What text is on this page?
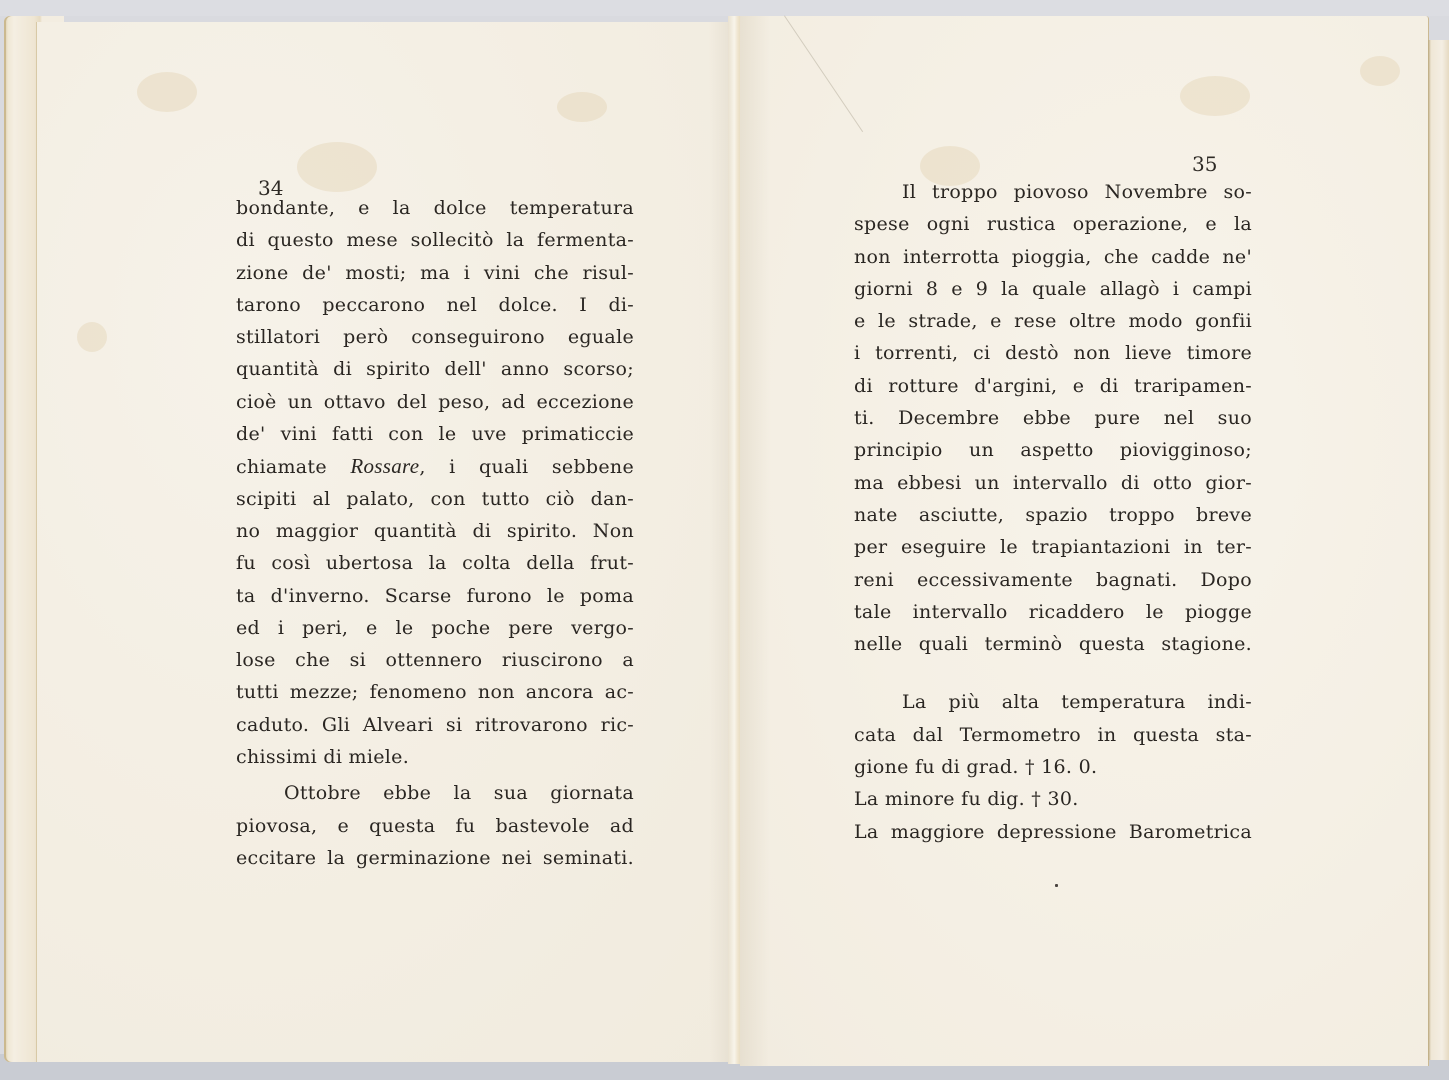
34
bondante, e la dolce temperatura
di questo mese sollecitò la fermenta-
zione de' mosti; ma i vini che risul-
tarono peccarono nel dolce. I di-
stillatori però conseguirono eguale
quantità di spirito dell' anno scorso;
cioè un ottavo del peso, ad eccezione
de' vini fatti con le uve primaticcie
chiamate Rossare, i quali sebbene
scipiti al palato, con tutto ciò dan-
no maggior quantità di spirito. Non
fu così ubertosa la colta della frut-
ta d'inverno. Scarse furono le poma
ed i peri, e le poche pere vergo-
lose che si ottennero riuscirono a
tutti mezze; fenomeno non ancora ac-
caduto. Gli Alveari si ritrovarono ric-
chissimi di miele.
Ottobre ebbe la sua giornata
piovosa, e questa fu bastevole ad
eccitare la germinazione nei seminati.
35
Il troppo piovoso Novembre so-
spese ogni rustica operazione, e la
non interrotta pioggia, che cadde ne'
giorni 8 e 9 la quale allagò i campi
e le strade, e rese oltre modo gonfii
i torrenti, ci destò non lieve timore
di rotture d'argini, e di traripamen-
ti. Decembre ebbe pure nel suo
principio un aspetto piovigginoso;
ma ebbesi un intervallo di otto gior-
nate asciutte, spazio troppo breve
per eseguire le trapiantazioni in ter-
reni eccessivamente bagnati. Dopo
tale intervallo ricaddero le piogge
nelle quali terminò questa stagione.
La più alta temperatura indi-
cata dal Termometro in questa sta-
gione fu di grad. † 16. 0.
La minore fu dig. † 30.
La maggiore depressione Barometrica
